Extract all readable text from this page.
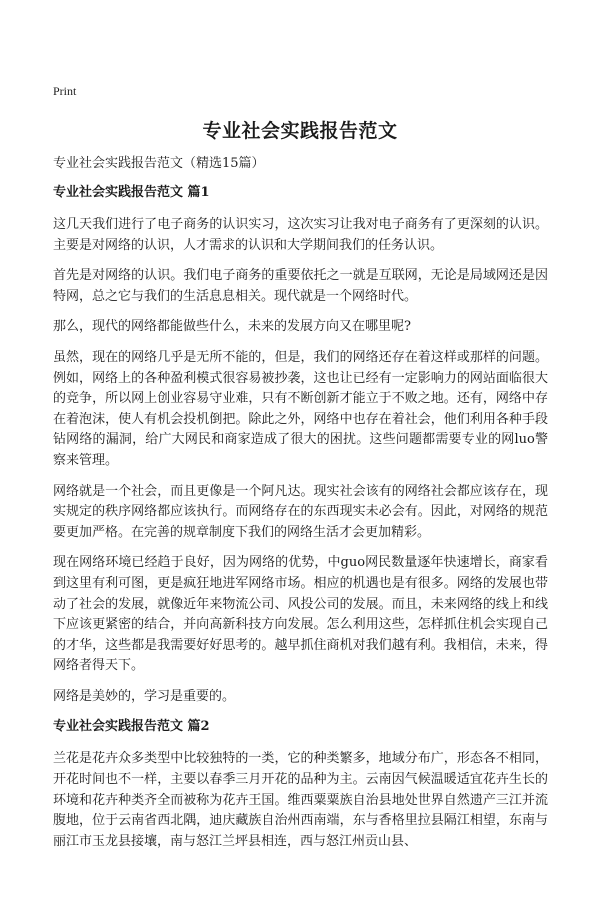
Print
专业社会实践报告范文
专业社会实践报告范文（精选15篇）
专业社会实践报告范文 篇1

这几天我们进行了电子商务的认识实习，这次实习让我对电子商务有了更深刻的认识。主要是对网络的认识，人才需求的认识和大学期间我们的任务认识。

首先是对网络的认识。我们电子商务的重要依托之一就是互联网，无论是局域网还是因特网，总之它与我们的生活息息相关。现代就是一个网络时代。

那么，现代的网络都能做些什么，未来的发展方向又在哪里呢?

虽然，现在的网络几乎是无所不能的，但是，我们的网络还存在着这样或那样的问题。例如，网络上的各种盈利模式很容易被抄袭，这也让已经有一定影响力的网站面临很大的竞争，所以网上创业容易守业难，只有不断创新才能立于不败之地。还有，网络中存在着泡沫，使人有机会投机倒把。除此之外，网络中也存在着社会，他们利用各种手段钻网络的漏洞，给广大网民和商家造成了很大的困扰。这些问题都需要专业的网luo警察来管理。

网络就是一个社会，而且更像是一个阿凡达。现实社会该有的网络社会都应该存在，现实规定的秩序网络都应该执行。而网络存在的东西现实未必会有。因此，对网络的规范要更加严格。在完善的规章制度下我们的网络生活才会更加精彩。

现在网络环境已经趋于良好，因为网络的优势，中guo网民数量逐年快速增长，商家看到这里有利可图，更是疯狂地进军网络市场。相应的机遇也是有很多。网络的发展也带动了社会的发展，就像近年来物流公司、风投公司的发展。而且，未来网络的线上和线下应该更紧密的结合，并向高新科技方向发展。怎么利用这些，怎样抓住机会实现自己的才华，这些都是我需要好好思考的。越早抓住商机对我们越有利。我相信，未来，得网络者得天下。

网络是美妙的，学习是重要的。

专业社会实践报告范文 篇2

兰花是花卉众多类型中比较独特的一类，它的种类繁多，地域分布广，形态各不相同，开花时间也不一样，主要以春季三月开花的品种为主。云南因气候温暖适宜花卉生长的环境和花卉种类齐全而被称为花卉王国。维西粟粟族自治县地处世界自然遗产三江并流腹地，位于云南省西北隅，迪庆藏族自治州西南端，东与香格里拉县隔江相望，东南与丽江市玉龙县接壤，南与怒江兰坪县相连，西与怒江州贡山县、
